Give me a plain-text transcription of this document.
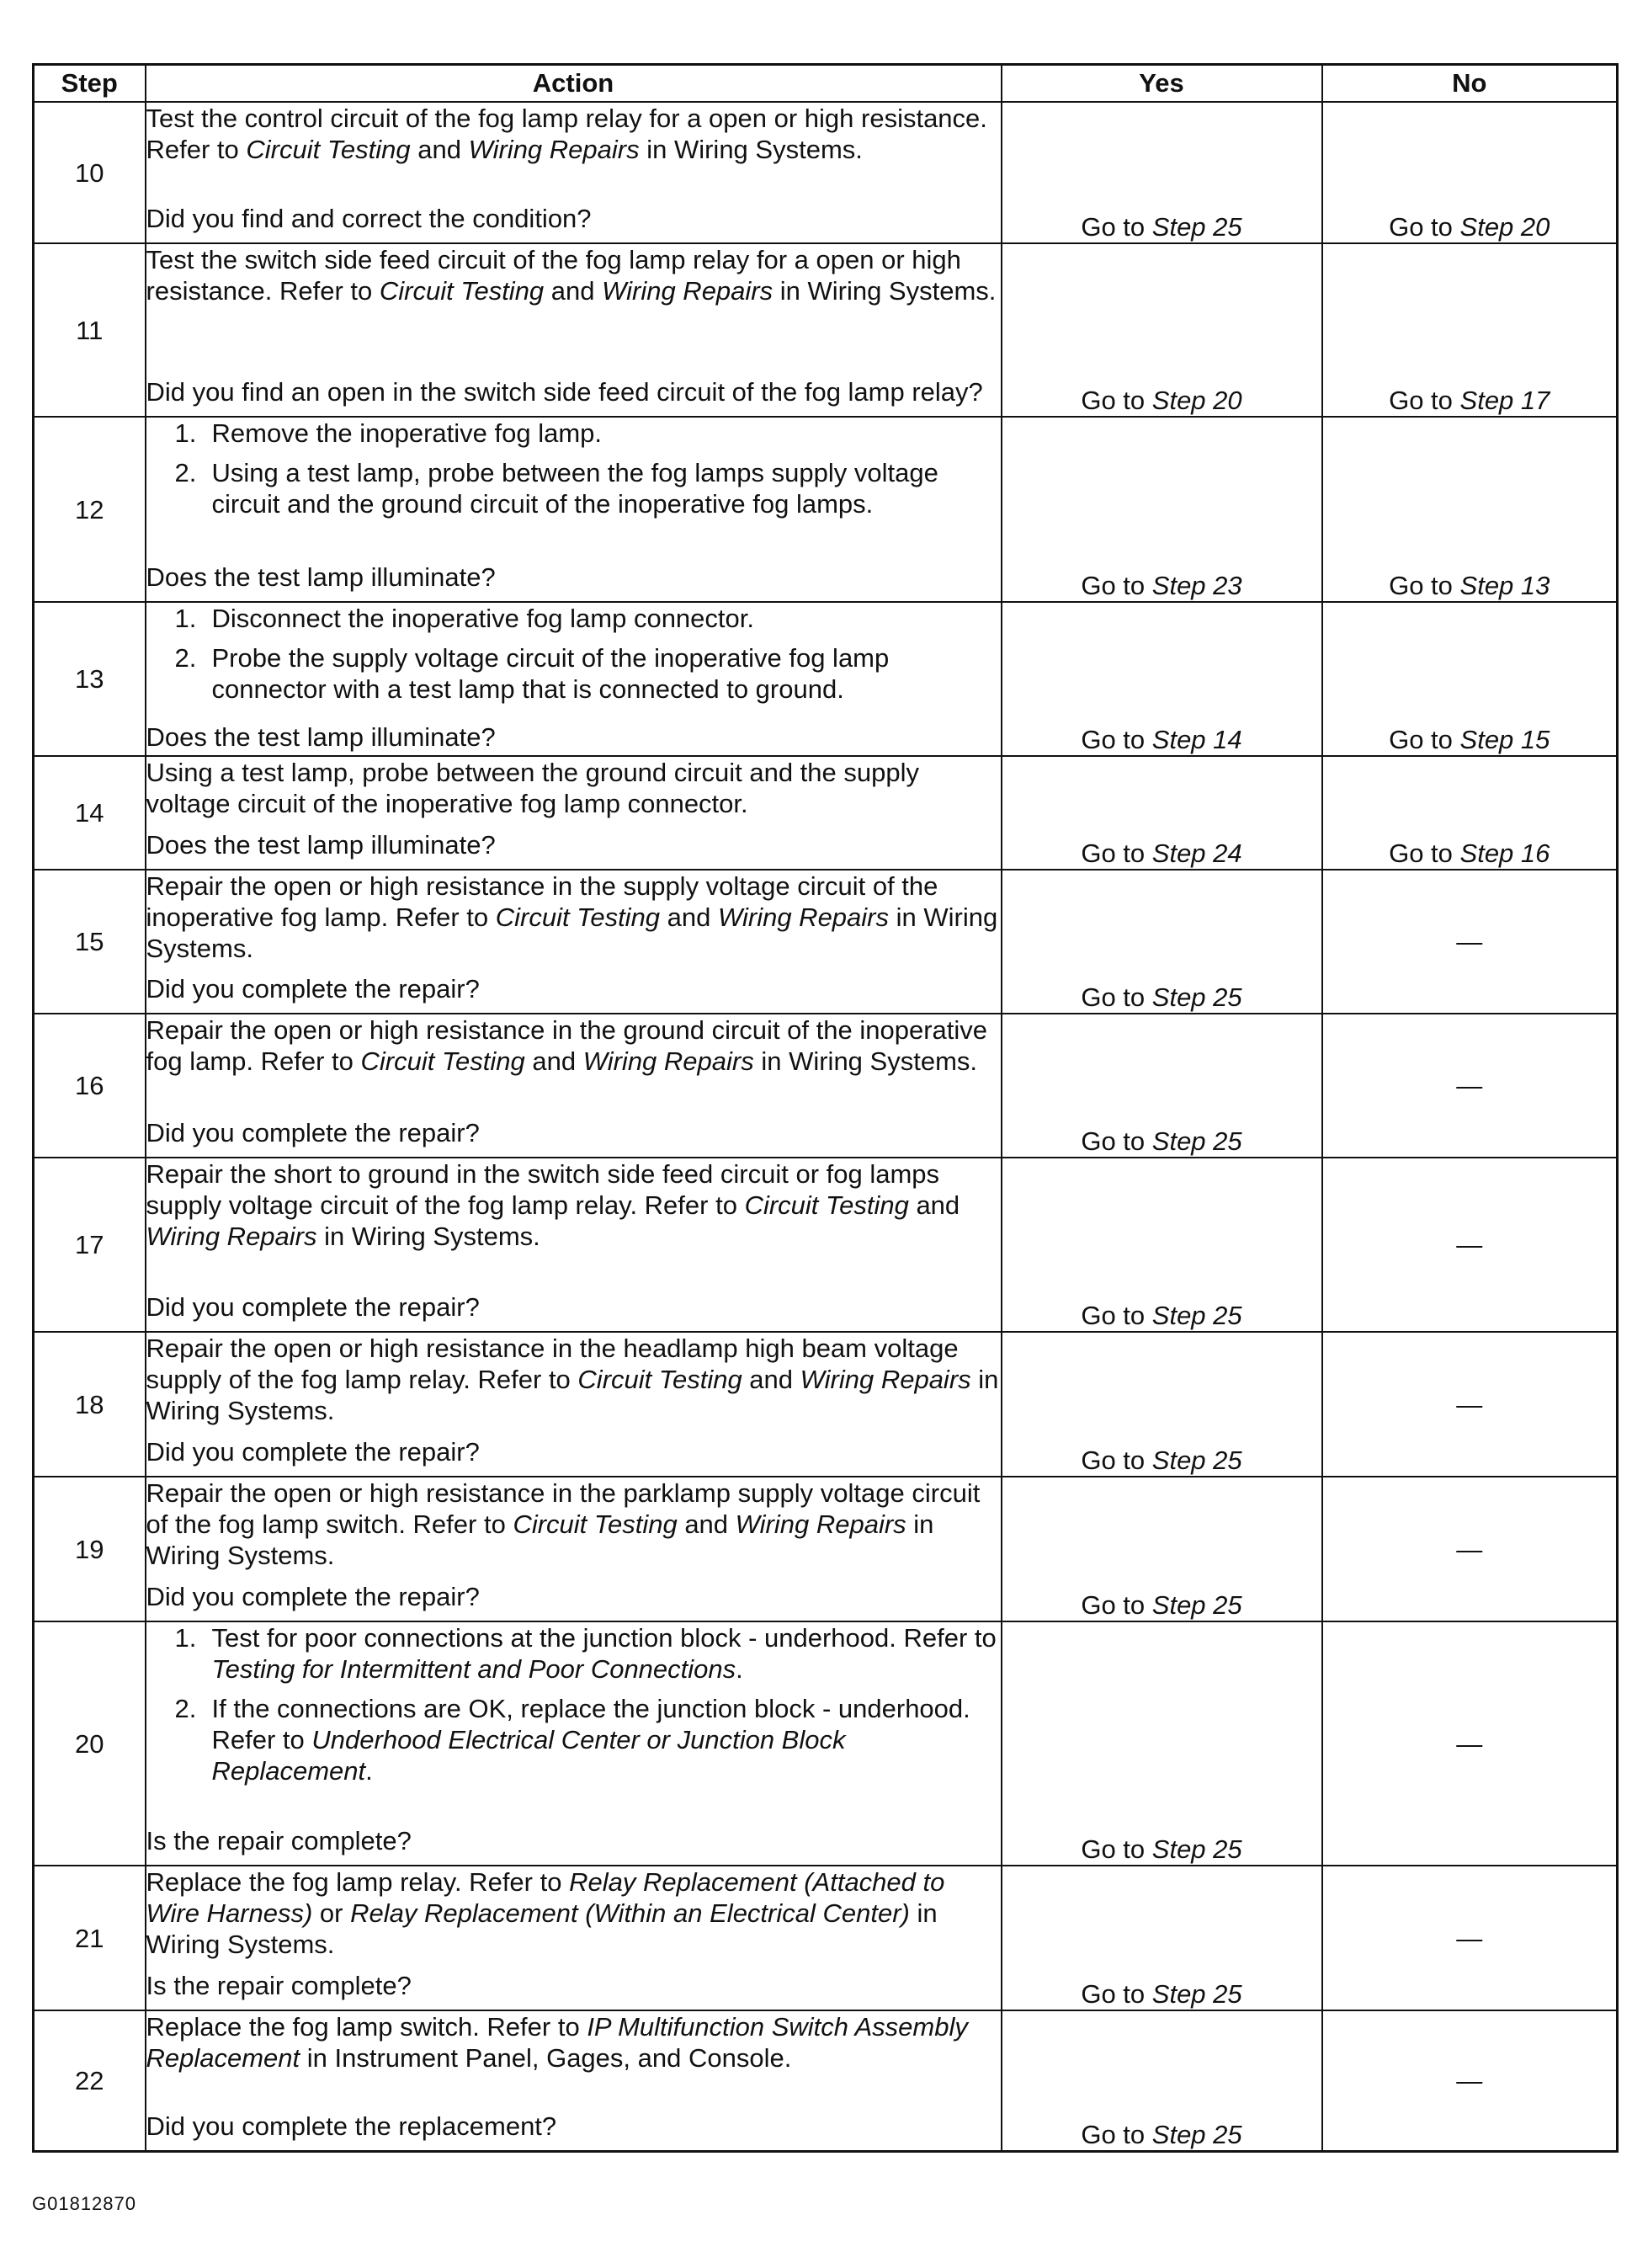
Step	Action	Yes	No
10	Test the control circuit of the fog lamp relay for a open or high resistance. Refer to Circuit Testing and Wiring Repairs in Wiring Systems.

Did you find and correct the condition?	Go to Step 25	Go to Step 20

11	Test the switch side feed circuit of the fog lamp relay for a open or high resistance. Refer to Circuit Testing and Wiring Repairs in Wiring Systems.

Did you find an open in the switch side feed circuit of the fog lamp relay?	Go to Step 20	Go to Step 17

12	1. Remove the inoperative fog lamp.
2. Using a test lamp, probe between the fog lamps supply voltage circuit and the ground circuit of the inoperative fog lamps.
Does the test lamp illuminate?	Go to Step 23	Go to Step 13

13	1. Disconnect the inoperative fog lamp connector.
2. Probe the supply voltage circuit of the inoperative fog lamp connector with a test lamp that is connected to ground.
Does the test lamp illuminate?	Go to Step 14	Go to Step 15

14	Using a test lamp, probe between the ground circuit and the supply voltage circuit of the inoperative fog lamp connector.

Does the test lamp illuminate?	Go to Step 24	Go to Step 16

15	Repair the open or high resistance in the supply voltage circuit of the inoperative fog lamp. Refer to Circuit Testing and Wiring Repairs in Wiring Systems.

Did you complete the repair?	Go to Step 25	—
16	Repair the open or high resistance in the ground circuit of the inoperative fog lamp. Refer to Circuit Testing and Wiring Repairs in Wiring Systems.

Did you complete the repair?	Go to Step 25	—
17	Repair the short to ground in the switch side feed circuit or fog lamps supply voltage circuit of the fog lamp relay. Refer to Circuit Testing and Wiring Repairs in Wiring Systems.

Did you complete the repair?	Go to Step 25	—
18	Repair the open or high resistance in the headlamp high beam voltage supply of the fog lamp relay. Refer to Circuit Testing and Wiring Repairs in Wiring Systems.

Did you complete the repair?	Go to Step 25	—
19	Repair the open or high resistance in the parklamp supply voltage circuit of the fog lamp switch. Refer to Circuit Testing and Wiring Repairs in Wiring Systems.

Did you complete the repair?	Go to Step 25	—
20	1. Test for poor connections at the junction block - underhood. Refer to Testing for Intermittent and Poor Connections.
2. If the connections are OK, replace the junction block - underhood. Refer to Underhood Electrical Center or Junction Block Replacement.
Is the repair complete?	Go to Step 25	—
21	Replace the fog lamp relay. Refer to Relay Replacement (Attached to Wire Harness) or Relay Replacement (Within an Electrical Center) in Wiring Systems.

Is the repair complete?	Go to Step 25	—
22	Replace the fog lamp switch. Refer to IP Multifunction Switch Assembly Replacement in Instrument Panel, Gages, and Console.

Did you complete the replacement?	Go to Step 25	—
G01812870
